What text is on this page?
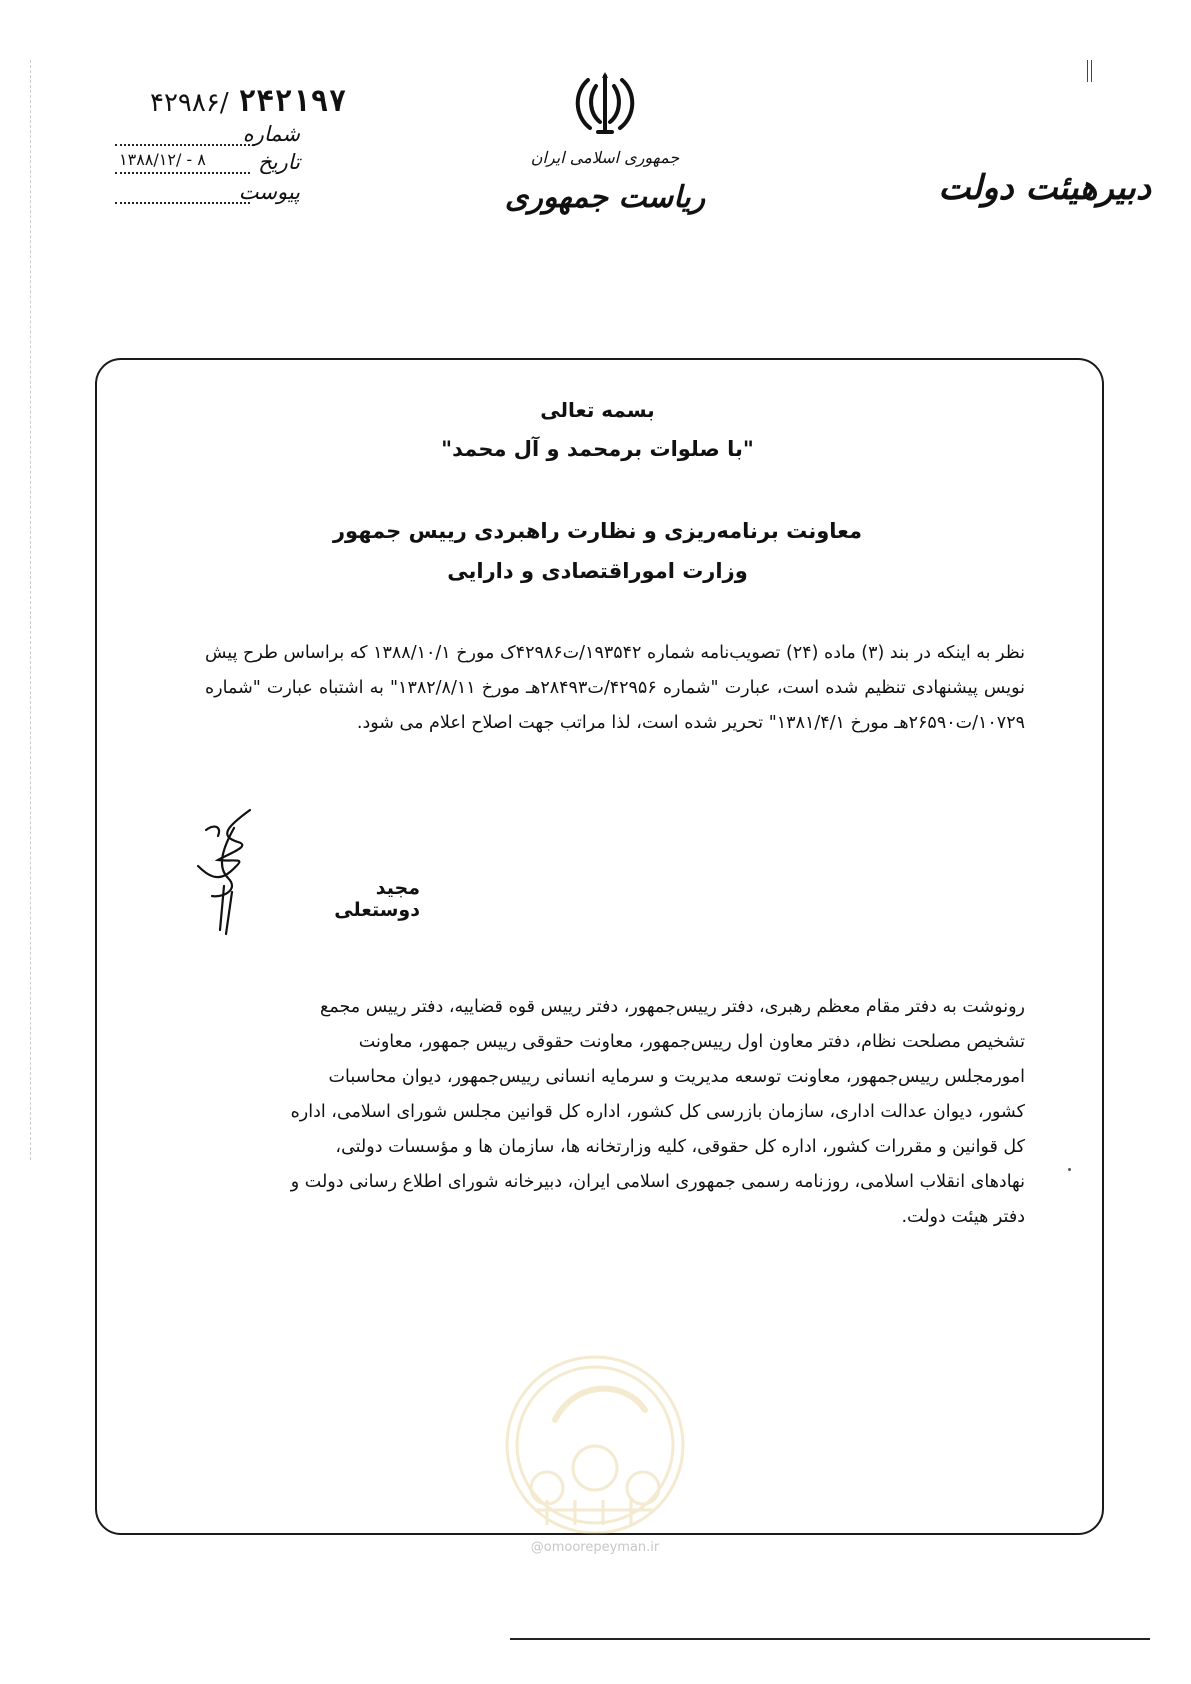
۴۲۹۸۶/ ۲۴۲۱۹۷
شماره
تاریخ
۱۳۸۸/۱۲/ - ۸
پیوست
جمهوری اسلامی ایران
ریاست جمهوری	دبیرهیئت دولت
بسمه تعالی
"با صلوات برمحمد و آل محمد"
معاونت برنامه‌ریزی و نظارت راهبردی رییس جمهور
وزارت اموراقتصادی و دارایی
نظر به اینکه در بند (۳) ماده (۲۴) تصویب‌نامه شماره ۱۹۳۵۴۲/ت۴۲۹۸۶ک مورخ ۱۳۸۸/۱۰/۱ که براساس طرح پیش نویس پیشنهادی تنظیم شده است، عبارت "شماره ۴۲۹۵۶/ت۲۸۴۹۳هـ مورخ ۱۳۸۲/۸/۱۱" به اشتباه عبارت "شماره ۱۰۷۲۹/ت۲۶۵۹۰هـ مورخ ۱۳۸۱/۴/۱" تحریر شده است، لذا مراتب جهت اصلاح اعلام می شود.
مجید دوستعلی
رونوشت به دفتر مقام معظم رهبری، دفتر رییس‌جمهور، دفتر رییس قوه قضاییه، دفتر رییس مجمع
تشخیص مصلحت نظام، دفتر معاون اول رییس‌جمهور، معاونت حقوقی رییس جمهور، معاونت
امورمجلس رییس‌جمهور، معاونت توسعه مدیریت و سرمایه انسانی رییس‌جمهور، دیوان محاسبات
کشور، دیوان عدالت اداری، سازمان بازرسی کل کشور، اداره کل قوانین مجلس شورای اسلامی، اداره
کل قوانین و مقررات کشور، اداره کل حقوقی، کلیه وزارتخانه ها، سازمان ها و مؤسسات دولتی،
نهادهای انقلاب اسلامی، روزنامه رسمی جمهوری اسلامی ایران، دبیرخانه شورای اطلاع رسانی دولت و
دفتر هیئت دولت.
@omoorepeyman.ir
